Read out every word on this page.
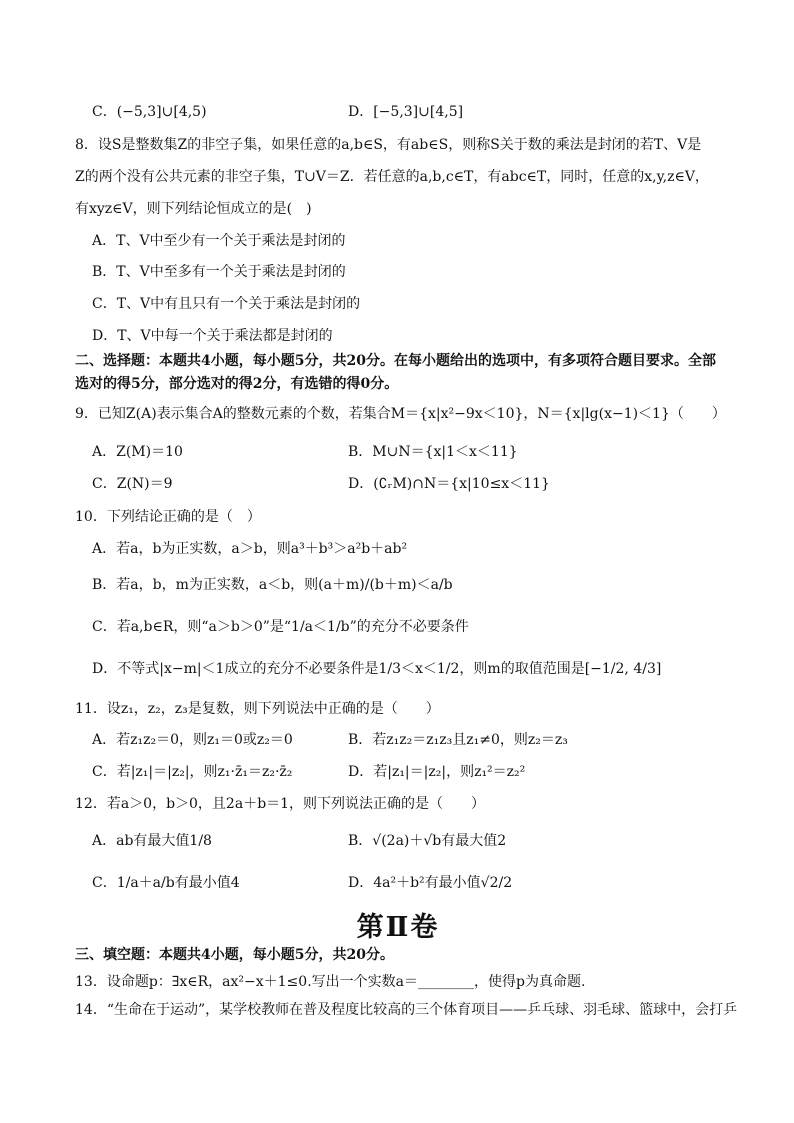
C．(−5,3]∪[4,5)	D．[−5,3]∪[4,5]
8．设S是整数集Z的非空子集，如果任意的a,b∈S，有ab∈S，则称S关于数的乘法是封闭的若T、V是
Z的两个没有公共元素的非空子集，T∪V＝Z．若任意的a,b,c∈T，有abc∈T，同时，任意的x,y,z∈V，
有xyz∈V，则下列结论恒成立的是(　)
A．T、V中至少有一个关于乘法是封闭的
B．T、V中至多有一个关于乘法是封闭的
C．T、V中有且只有一个关于乘法是封闭的
D．T、V中每一个关于乘法都是封闭的
二、选择题：本题共4小题，每小题5分，共20分。在每小题给出的选项中，有多项符合题目要求。全部
选对的得5分，部分选对的得2分，有选错的得0分。
9．已知Z(A)表示集合A的整数元素的个数，若集合M＝{x|x²−9x＜10}，N＝{x|lg(x−1)＜1}（　　）
A．Z(M)＝10	B．M∪N＝{x|1＜x＜11}
C．Z(N)＝9	D．(∁ᵣM)∩N＝{x|10≤x＜11}
10．下列结论正确的是（　）
A．若a，b为正实数，a＞b，则a³＋b³＞a²b＋ab²
B．若a，b，m为正实数，a＜b，则(a＋m)/(b＋m)＜a/b
C．若a,b∈R，则“a＞b＞0”是“1/a＜1/b”的充分不必要条件
D．不等式|x−m|＜1成立的充分不必要条件是1/3＜x＜1/2，则m的取值范围是[−1/2, 4/3]
11．设z₁，z₂，z₃是复数，则下列说法中正确的是（　　）
A．若z₁z₂＝0，则z₁＝0或z₂＝0	B．若z₁z₂＝z₁z₃且z₁≠0，则z₂＝z₃
C．若|z₁|＝|z₂|，则z₁·z̄₁＝z₂·z̄₂	D．若|z₁|＝|z₂|，则z₁²＝z₂²
12．若a＞0，b＞0，且2a＋b＝1，则下列说法正确的是（　　）
A．ab有最大值1/8	B．√(2a)＋√b有最大值2
C．1/a＋a/b有最小值4	D．4a²＋b²有最小值√2/2
第Ⅱ卷
三、填空题：本题共4小题，每小题5分，共20分。
13．设命题p：∃x∈R，ax²−x＋1≤0.写出一个实数a＝________，使得p为真命题.
14．“生命在于运动”，某学校教师在普及程度比较高的三个体育项目——乒乓球、羽毛球、篮球中，会打乒
